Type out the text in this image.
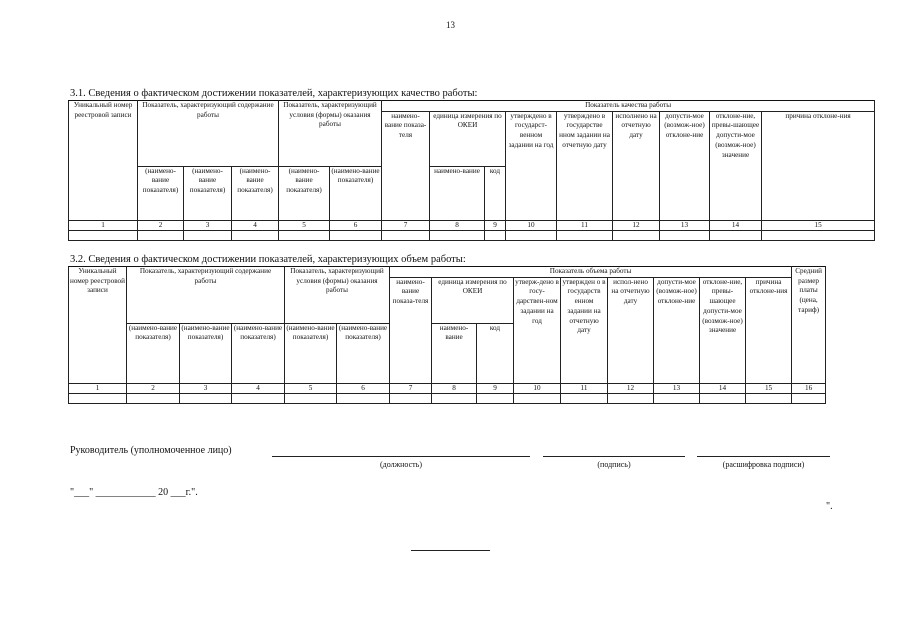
13
3.1. Сведения о фактическом достижении показателей, характеризующих качество работы:
Уникальный номер реестровой записи	Показатель, характеризующий содержание работы			Показатель, характеризующий условия (формы) оказания работы		Показатель качества работы								
						наимено-вание показа-теля	единица измерения по ОКЕИ		утверждено в государст-венном задании на год	утверждено в государстве нном задании на отчетную дату	исполнено на отчетную дату	допусти-мое (возмож-ное) отклоне-ние	отклоне-ние, превы-шающее допусти-мое (возмож-ное) значение	причина отклоне-ния
	(наимено-вание показателя)	(наимено-вание показателя)	(наимено-вание показателя)	(наимено-вание показателя)	(наимено-вание показателя)		наимено-вание	код						
1	2	3	4	5	6	7	8	9	10	11	12	13	14	15

3.2. Сведения о фактическом достижении показателей, характеризующих объем работы:
Уникальный номер реестровой записи	Показатель, характеризующий содержание работы			Показатель, характеризующий условия (формы) оказания работы		Показатель объема работы									Средний размер платы (цена, тариф)
						наимено-вание показа-теля	единица измерения по ОКЕИ		утверж-дено в госу-дарствен-ном задании на год	утвержден о в государств енном задании на отчетную дату	испол-нено на отчетную дату	допусти-мое (возмож-ное) отклоне-ние	отклоне-ние, превы-шающее допусти-мое (возмож-ное) значение	причина отклоне-ния	
	(наимено-вание показателя)	(наимено-вание показателя)	(наимено-вание показателя)	(наимено-вание показателя)	(наимено-вание показателя)		наимено-вание	код							
1	2	3	4	5	6	7	8	9	10	11	12	13	14	15	16

Руководитель (уполномоченное лицо)
(должность)	(подпись)	(расшифровка подписи)
"___" ____________ 20 ___г.".
".
